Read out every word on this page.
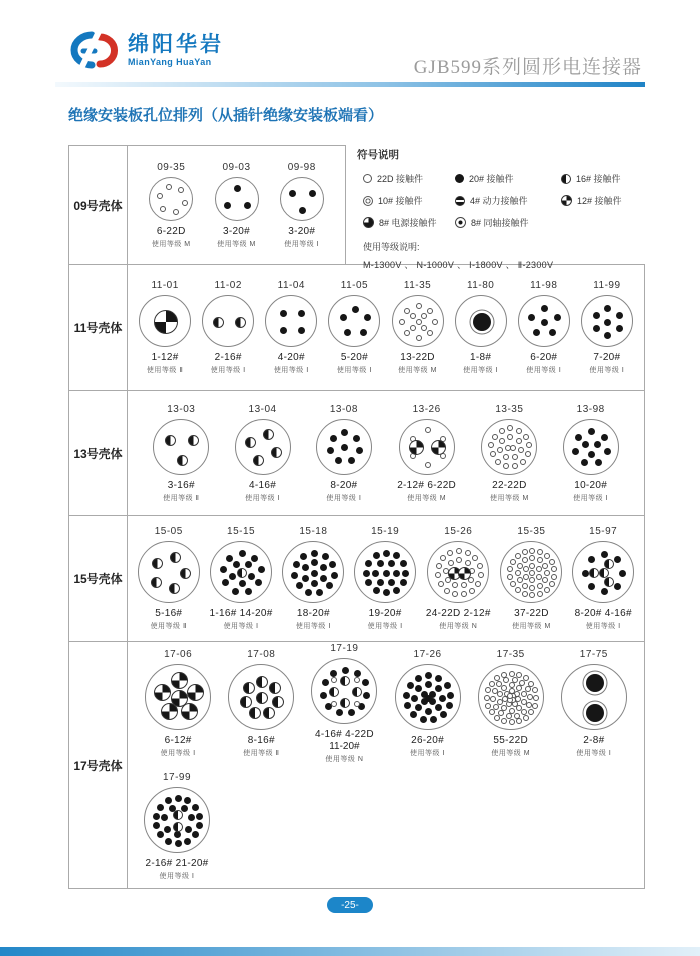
绵阳华岩
MianYang HuaYan	GJB599系列圆形电连接器
绝缘安装板孔位排列（从插针绝缘安装板端看）
09号壳体
09-35
6-22D
使用等级 M
09-03
3-20#
使用等级 M
09-98
3-20#
使用等级 Ⅰ
11号壳体
11-01
1-12#
使用等级 Ⅱ
11-02
2-16#
使用等级 Ⅰ
11-04
4-20#
使用等级 Ⅰ
11-05
5-20#
使用等级 Ⅰ
11-35
13-22D
使用等级 M
11-80
1-8#
使用等级 Ⅰ
11-98
6-20#
使用等级 Ⅰ
11-99
7-20#
使用等级 Ⅰ
13号壳体
13-03
3-16#
使用等级 Ⅱ
13-04
4-16#
使用等级 Ⅰ
13-08
8-20#
使用等级 Ⅰ
13-26
2-12# 6-22D
使用等级 M
13-35
22-22D
使用等级 M
13-98
10-20#
使用等级 Ⅰ
15号壳体
15-05
5-16#
使用等级 Ⅱ
15-15
1-16# 14-20#
使用等级 Ⅰ
15-18
18-20#
使用等级 Ⅰ
15-19
19-20#
使用等级 Ⅰ
15-26
24-22D 2-12#
使用等级 N
15-35
37-22D
使用等级 M
15-97
8-20# 4-16#
使用等级 Ⅰ
17号壳体
17-06
6-12#
使用等级 Ⅰ
17-08
8-16#
使用等级 Ⅱ
17-19
4-16# 4-22D
11-20#
使用等级 N
17-26
26-20#
使用等级 Ⅰ
17-35
55-22D
使用等级 M
17-75
2-8#
使用等级 Ⅰ
17-99
2-16# 21-20#
使用等级 Ⅰ
符号说明
22D 接触件	20# 接触件	16# 接触件
10# 接触件	4# 动力接触件	12# 接触件
8# 电源接触件	8# 同轴接触件
使用等级说明:
M-1300V 、 N-1000V 、 Ⅰ-1800V 、 Ⅱ-2300V
-25-
